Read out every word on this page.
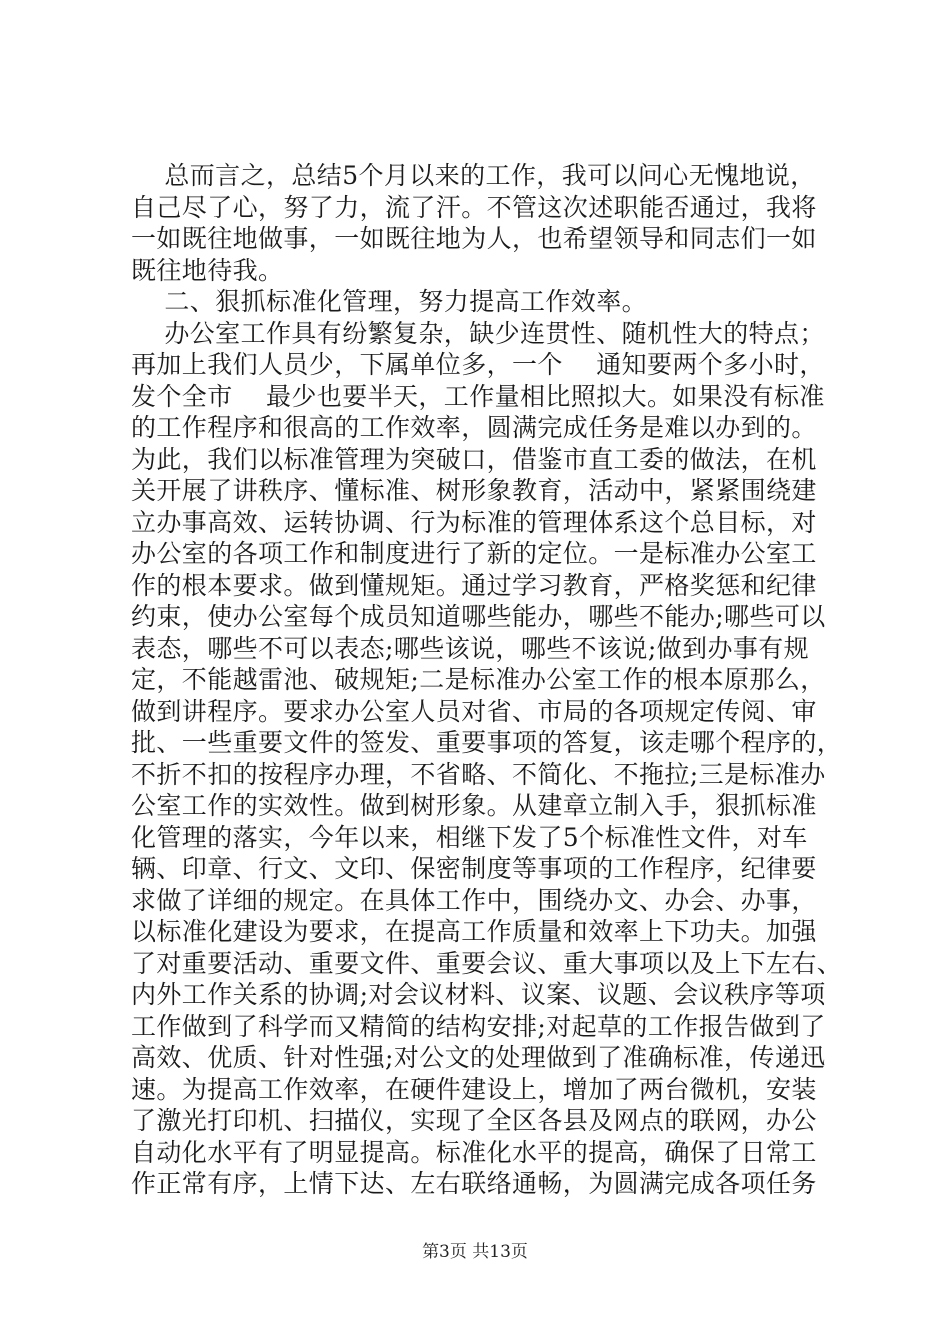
总而言之，总结5个月以来的工作，我可以问心无愧地说，
自己尽了心，努了力，流了汗。不管这次述职能否通过，我将
一如既往地做事，一如既往地为人，也希望领导和同志们一如
既往地待我。
二、狠抓标准化管理，努力提高工作效率。
办公室工作具有纷繁复杂，缺少连贯性、随机性大的特点；
再加上我们人员少，下属单位多，一个    通知要两个多小时，
发个全市    最少也要半天，工作量相比照拟大。如果没有标准
的工作程序和很高的工作效率，圆满完成任务是难以办到的。
为此，我们以标准管理为突破口，借鉴市直工委的做法，在机
关开展了讲秩序、懂标准、树形象教育，活动中，紧紧围绕建
立办事高效、运转协调、行为标准的管理体系这个总目标，对
办公室的各项工作和制度进行了新的定位。一是标准办公室工
作的根本要求。做到懂规矩。通过学习教育，严格奖惩和纪律
约束，使办公室每个成员知道哪些能办，哪些不能办;哪些可以
表态，哪些不可以表态;哪些该说，哪些不该说;做到办事有规
定，不能越雷池、破规矩;二是标准办公室工作的根本原那么，
做到讲程序。要求办公室人员对省、市局的各项规定传阅、审
批、一些重要文件的签发、重要事项的答复，该走哪个程序的，
不折不扣的按程序办理，不省略、不简化、不拖拉;三是标准办
公室工作的实效性。做到树形象。从建章立制入手，狠抓标准
化管理的落实，今年以来，相继下发了5个标准性文件，对车
辆、印章、行文、文印、保密制度等事项的工作程序，纪律要
求做了详细的规定。在具体工作中，围绕办文、办会、办事，
以标准化建设为要求，在提高工作质量和效率上下功夫。加强
了对重要活动、重要文件、重要会议、重大事项以及上下左右、
内外工作关系的协调;对会议材料、议案、议题、会议秩序等项
工作做到了科学而又精简的结构安排;对起草的工作报告做到了
高效、优质、针对性强;对公文的处理做到了准确标准，传递迅
速。为提高工作效率，在硬件建设上，增加了两台微机，安装
了激光打印机、扫描仪，实现了全区各县及网点的联网，办公
自动化水平有了明显提高。标准化水平的提高，确保了日常工
作正常有序，上情下达、左右联络通畅，为圆满完成各项任务
第3页 共13页
